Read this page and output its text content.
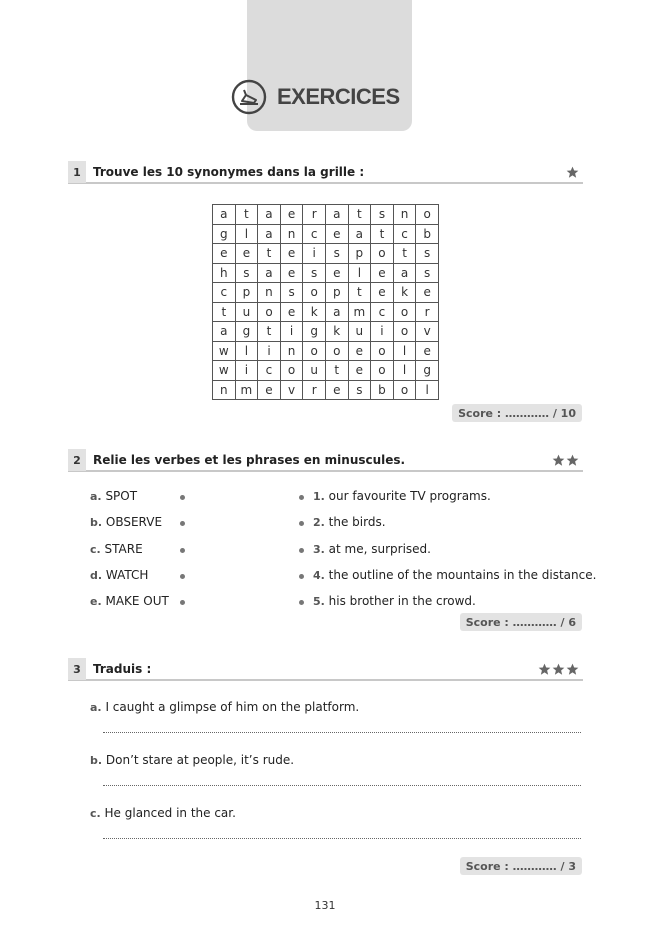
EXERCICES
1	Trouve les 10 synonymes dans la grille :
a	t	a	e	r	a	t	s	n	o
g	l	a	n	c	e	a	t	c	b
e	e	t	e	i	s	p	o	t	s
h	s	a	e	s	e	l	e	a	s
c	p	n	s	o	p	t	e	k	e
t	u	o	e	k	a	m	c	o	r
a	g	t	i	g	k	u	i	o	v
w	l	i	n	o	o	e	o	l	e
w	i	c	o	u	t	e	o	l	g
n	m	e	v	r	e	s	b	o	l
Score : ………… / 10
2	Relie les verbes et les phrases en minuscules.
a. SPOT
b. OBSERVE
c. STARE
d. WATCH
e. MAKE OUT
1. our favourite TV programs.
2. the birds.
3. at me, surprised.
4. the outline of the mountains in the distance.
5. his brother in the crowd.
Score : ………… / 6
3	Traduis :
a. I caught a glimpse of him on the platform.
b. Don’t stare at people, it’s rude.
c. He glanced in the car.
Score : ………… / 3
131
